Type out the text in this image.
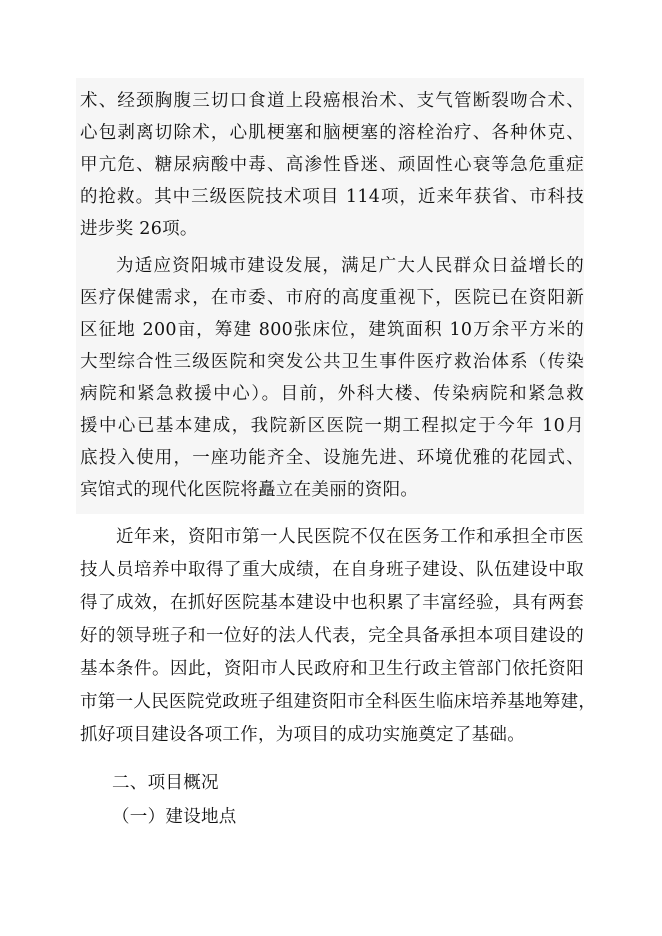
术、经颈胸腹三切口食道上段癌根治术、支气管断裂吻合术、
心包剥离切除术，心肌梗塞和脑梗塞的溶栓治疗、各种休克、
甲亢危、糖尿病酸中毒、高渗性昏迷、顽固性心衰等急危重症
的抢救。其中三级医院技术项目 114项，近来年获省、市科技
进步奖 26项。
为适应资阳城市建设发展，满足广大人民群众日益增长的
医疗保健需求，在市委、市府的高度重视下，医院已在资阳新
区征地 200亩，筹建 800张床位，建筑面积 10万余平方米的
大型综合性三级医院和突发公共卫生事件医疗救治体系（传染
病院和紧急救援中心）。目前，外科大楼、传染病院和紧急救
援中心已基本建成，我院新区医院一期工程拟定于今年 10月
底投入使用，一座功能齐全、设施先进、环境优雅的花园式、
宾馆式的现代化医院将矗立在美丽的资阳。
近年来，资阳市第一人民医院不仅在医务工作和承担全市医
技人员培养中取得了重大成绩，在自身班子建设、队伍建设中取
得了成效，在抓好医院基本建设中也积累了丰富经验，具有两套
好的领导班子和一位好的法人代表，完全具备承担本项目建设的
基本条件。因此，资阳市人民政府和卫生行政主管部门依托资阳
市第一人民医院党政班子组建资阳市全科医生临床培养基地筹建，
抓好项目建设各项工作，为项目的成功实施奠定了基础。
二、项目概况
（一）建设地点
